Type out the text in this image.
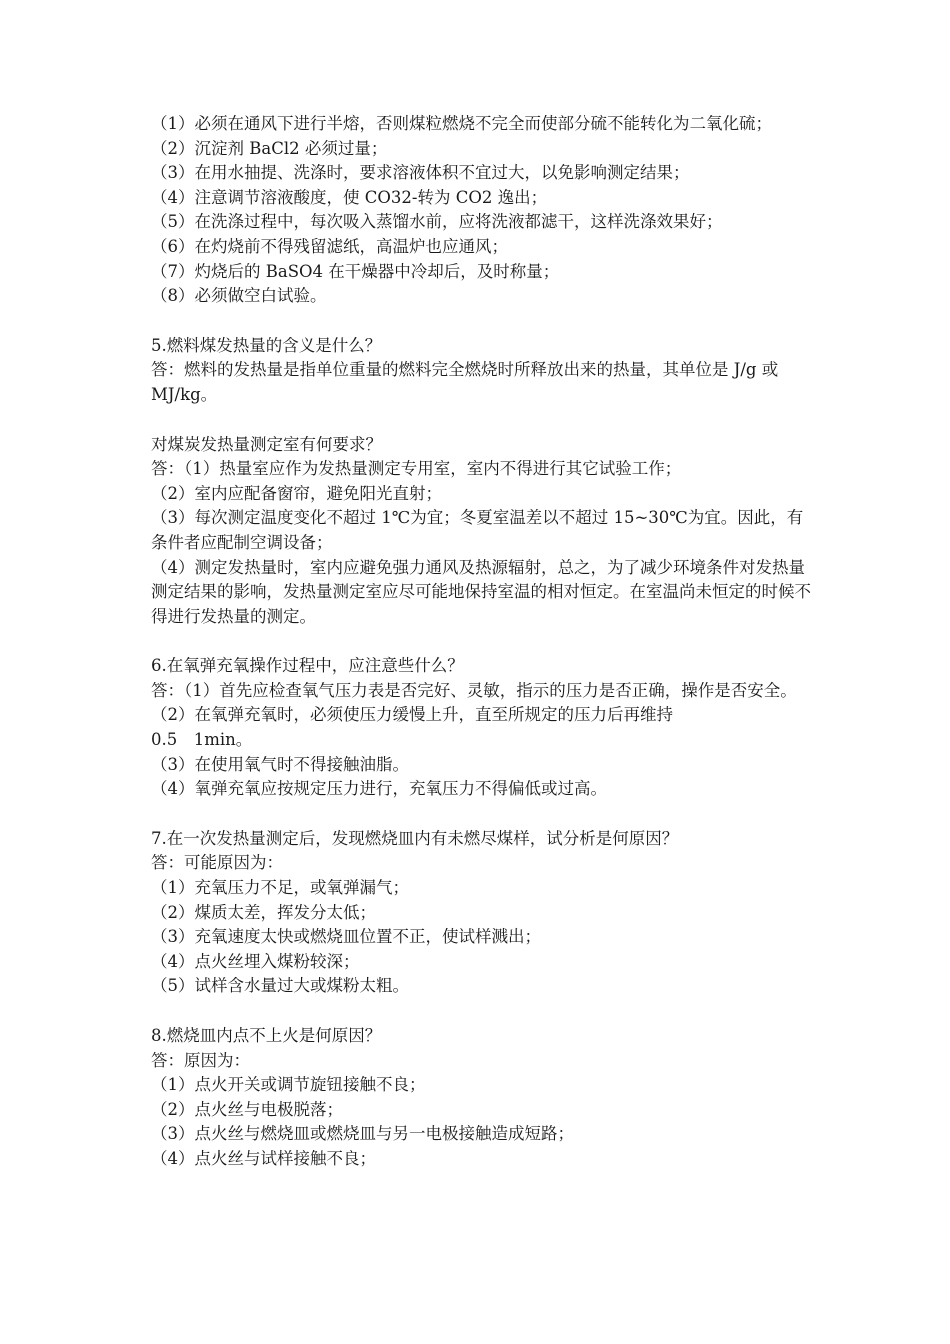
（1）必须在通风下进行半熔，否则煤粒燃烧不完全而使部分硫不能转化为二氧化硫；
（2）沉淀剂 BaCl2 必须过量；
（3）在用水抽提、洗涤时，要求溶液体积不宜过大，以免影响测定结果；
（4）注意调节溶液酸度，使 CO32-转为 CO2 逸出；
（5）在洗涤过程中，每次吸入蒸馏水前，应将洗液都滤干，这样洗涤效果好；
（6）在灼烧前不得残留滤纸，高温炉也应通风；
（7）灼烧后的 BaSO4 在干燥器中冷却后，及时称量；
（8）必须做空白试验。
5.燃料煤发热量的含义是什么？
答：燃料的发热量是指单位重量的燃料完全燃烧时所释放出来的热量，其单位是 J/g 或 MJ/kg。
对煤炭发热量测定室有何要求？
答：（1）热量室应作为发热量测定专用室，室内不得进行其它试验工作；
（2）室内应配备窗帘，避免阳光直射；
（3）每次测定温度变化不超过 1℃为宜；冬夏室温差以不超过 15~30℃为宜。因此，有条件者应配制空调设备；
（4）测定发热量时，室内应避免强力通风及热源辐射，总之，为了减少环境条件对发热量测定结果的影响，发热量测定室应尽可能地保持室温的相对恒定。在室温尚未恒定的时候不得进行发热量的测定。
6.在氧弹充氧操作过程中，应注意些什么？
答：（1）首先应检查氧气压力表是否完好、灵敏，指示的压力是否正确，操作是否安全。
（2）在氧弹充氧时，必须使压力缓慢上升，直至所规定的压力后再维持
0.5　1min。
（3）在使用氧气时不得接触油脂。
（4）氧弹充氧应按规定压力进行，充氧压力不得偏低或过高。
7.在一次发热量测定后，发现燃烧皿内有未燃尽煤样，试分析是何原因？
答：可能原因为：
（1）充氧压力不足，或氧弹漏气；
（2）煤质太差，挥发分太低；
（3）充氧速度太快或燃烧皿位置不正，使试样溅出；
（4）点火丝埋入煤粉较深；
（5）试样含水量过大或煤粉太粗。
8.燃烧皿内点不上火是何原因？
答：原因为：
（1）点火开关或调节旋钮接触不良；
（2）点火丝与电极脱落；
（3）点火丝与燃烧皿或燃烧皿与另一电极接触造成短路；
（4）点火丝与试样接触不良；
